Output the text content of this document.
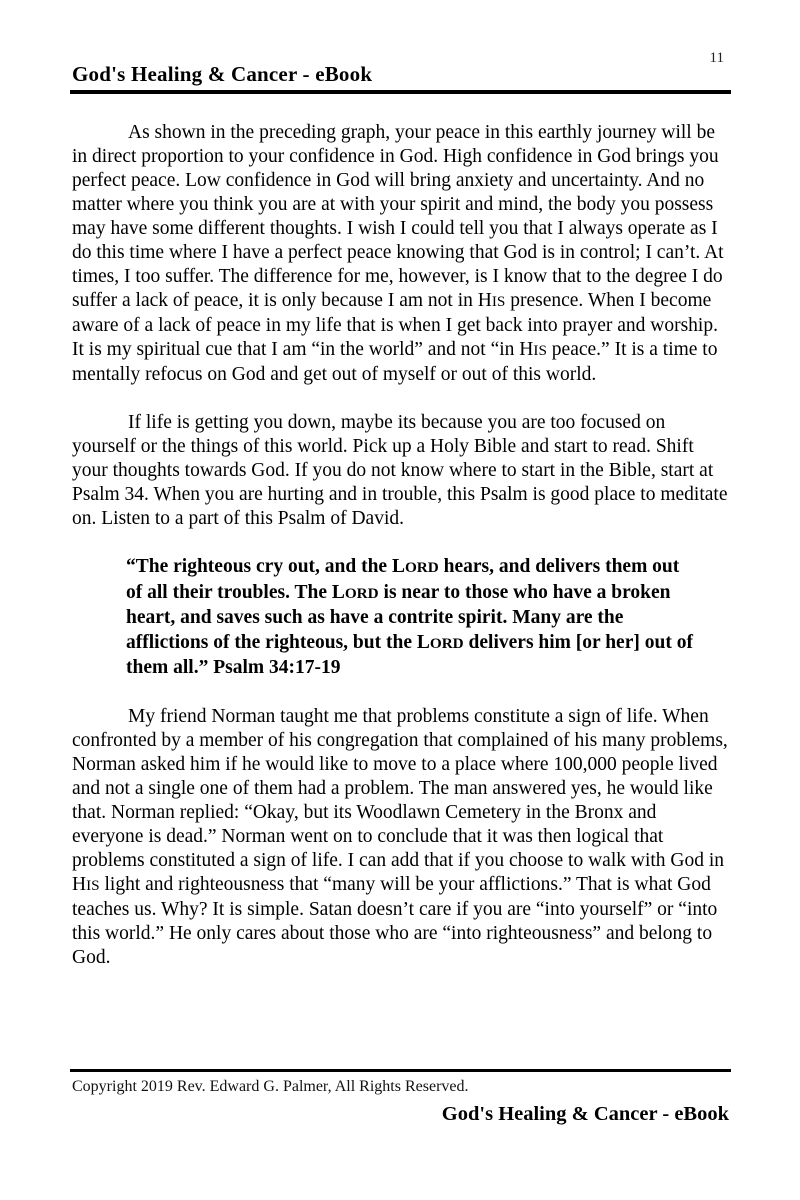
11
God's Healing & Cancer - eBook

As shown in the preceding graph, your peace in this earthly journey will be in direct proportion to your confidence in God. High confidence in God brings you perfect peace. Low confidence in God will bring anxiety and uncertainty. And no matter where you think you are at with your spirit and mind, the body you possess may have some different thoughts. I wish I could tell you that I always operate as I do this time where I have a perfect peace knowing that God is in control; I can’t. At times, I too suffer. The difference for me, however, is I know that to the degree I do suffer a lack of peace, it is only because I am not in HIS presence. When I become aware of a lack of peace in my life that is when I get back into prayer and worship. It is my spiritual cue that I am “in the world” and not “in HIS peace.” It is a time to mentally refocus on God and get out of myself or out of this world.

If life is getting you down, maybe its because you are too focused on yourself or the things of this world. Pick up a Holy Bible and start to read. Shift your thoughts towards God. If you do not know where to start in the Bible, start at Psalm 34. When you are hurting and in trouble, this Psalm is good place to meditate on. Listen to a part of this Psalm of David.

“The righteous cry out, and the LORD hears, and delivers them out of all their troubles. The LORD is near to those who have a broken heart, and saves such as have a contrite spirit. Many are the afflictions of the righteous, but the LORD delivers him [or her] out of them all.” Psalm 34:17-19

My friend Norman taught me that problems constitute a sign of life. When confronted by a member of his congregation that complained of his many problems, Norman asked him if he would like to move to a place where 100,000 people lived and not a single one of them had a problem. The man answered yes, he would like that. Norman replied: “Okay, but its Woodlawn Cemetery in the Bronx and everyone is dead.” Norman went on to conclude that it was then logical that problems constituted a sign of life. I can add that if you choose to walk with God in HIS light and righteousness that “many will be your afflictions.” That is what God teaches us. Why? It is simple. Satan doesn’t care if you are “into yourself” or “into this world.” He only cares about those who are “into righteousness” and belong to God.

Copyright 2019 Rev. Edward G. Palmer, All Rights Reserved.
God's Healing & Cancer - eBook
